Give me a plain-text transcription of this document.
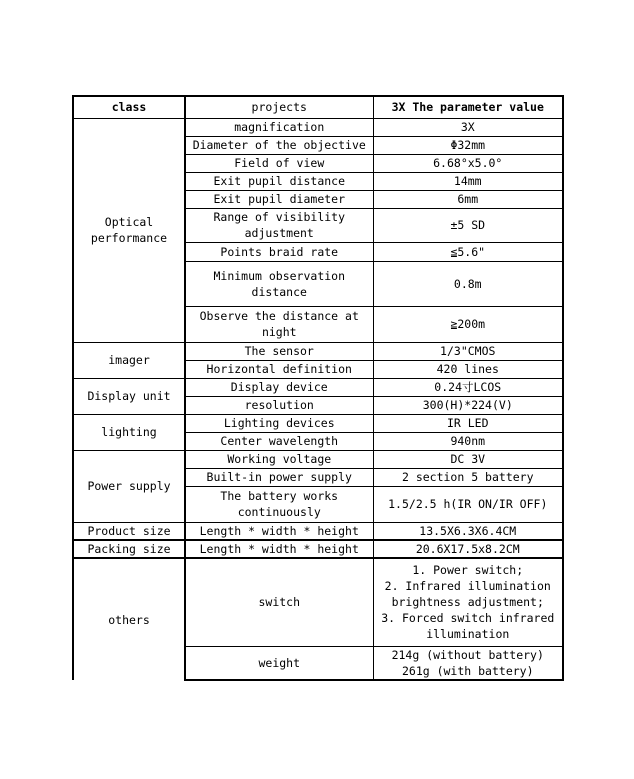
class	projects	3X The parameter value
Optical performance	magnification	3X
	Diameter of the objective	Φ32mm
	Field of view	6.68°x5.0°
	Exit pupil distance	14mm
	Exit pupil diameter	6mm
	Range of visibility adjustment	±5 SD
	Points braid rate	≦5.6"
	Minimum observation distance	0.8m
	Observe the distance at night	≧200m
imager	The sensor	1/3"CMOS
	Horizontal definition	420 lines
Display unit	Display device	0.24寸LCOS
	resolution	300(H)*224(V)
lighting	Lighting devices	IR LED
	Center wavelength	940nm
Power supply	Working voltage	DC 3V
	Built-in power supply	2 section 5 battery
	The battery works continuously	1.5/2.5 h(IR ON/IR OFF)
Product size	Length * width * height	13.5X6.3X6.4CM
Packing size	Length * width * height	20.6X17.5x8.2CM
others	switch	1. Power switch;
2. Infrared illumination brightness adjustment;
3. Forced switch infrared illumination

	weight	214g (without battery)
261g (with battery)
